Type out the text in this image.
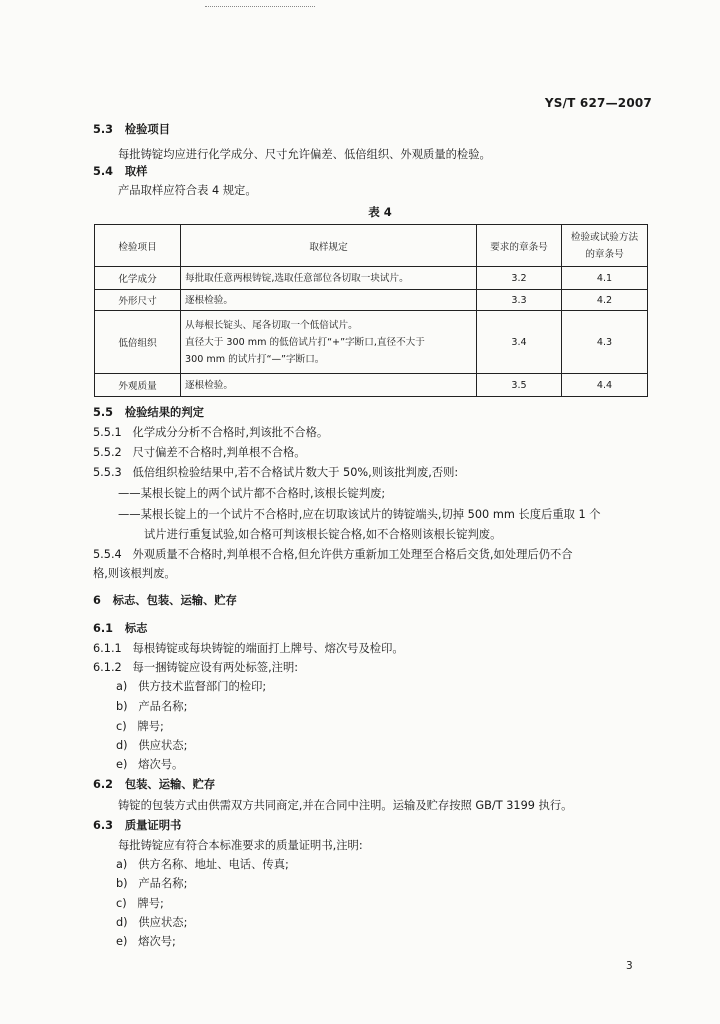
YS/T 627—2007
5.3 检验项目
每批铸锭均应进行化学成分、尺寸允许偏差、低倍组织、外观质量的检验。
5.4 取样
产品取样应符合表 4 规定。
表 4
检验项目	取样规定	要求的章条号	检验或试验方法
的章条号
化学成分	每批取任意两根铸锭,选取任意部位各切取一块试片。	3.2	4.1
外形尺寸	逐根检验。	3.3	4.2
低倍组织	从每根长锭头、尾各切取一个低倍试片。
直径大于 300 mm 的低倍试片打“+”字断口,直径不大于
300 mm 的试片打“—”字断口。	3.4	4.3
外观质量	逐根检验。	3.5	4.4
5.5 检验结果的判定
5.5.1 化学成分分析不合格时,判该批不合格。
5.5.2 尺寸偏差不合格时,判单根不合格。
5.5.3 低倍组织检验结果中,若不合格试片数大于 50%,则该批判废,否则:
——某根长锭上的两个试片都不合格时,该根长锭判废;
——某根长锭上的一个试片不合格时,应在切取该试片的铸锭端头,切掉 500 mm 长度后重取 1 个
试片进行重复试验,如合格可判该根长锭合格,如不合格则该根长锭判废。
5.5.4 外观质量不合格时,判单根不合格,但允许供方重新加工处理至合格后交货,如处理后仍不合
格,则该根判废。
6 标志、包装、运输、贮存
6.1 标志
6.1.1 每根铸锭或每块铸锭的端面打上牌号、熔次号及检印。
6.1.2 每一捆铸锭应设有两处标签,注明:
a) 供方技术监督部门的检印;
b) 产品名称;
c) 牌号;
d) 供应状态;
e) 熔次号。
6.2 包装、运输、贮存
铸锭的包装方式由供需双方共同商定,并在合同中注明。运输及贮存按照 GB/T 3199 执行。
6.3 质量证明书
每批铸锭应有符合本标准要求的质量证明书,注明:
a) 供方名称、地址、电话、传真;
b) 产品名称;
c) 牌号;
d) 供应状态;
e) 熔次号;
3
